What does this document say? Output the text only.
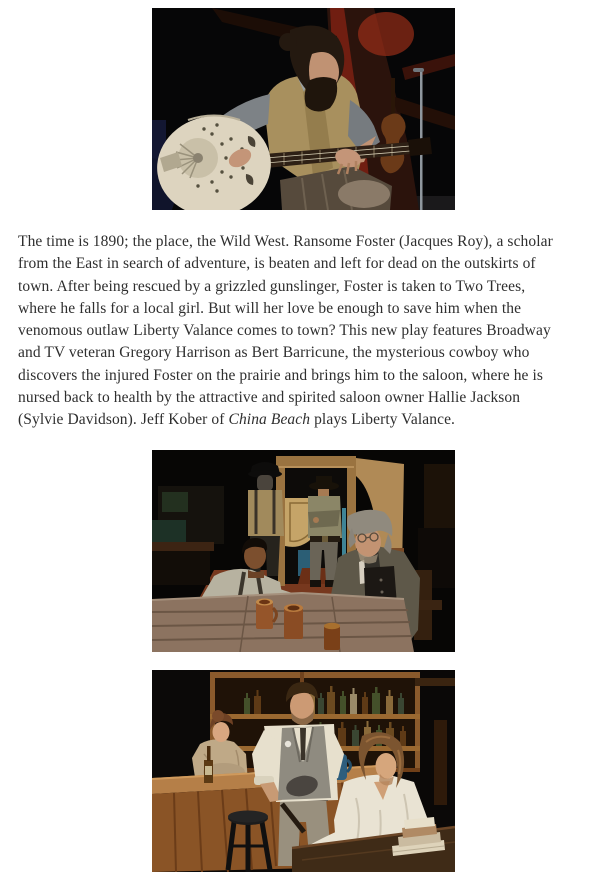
The time is 1890; the place, the Wild West. Ransome Foster (Jacques Roy), a scholar
from the East in search of adventure, is beaten and left for dead on the outskirts of
town. After being rescued by a grizzled gunslinger, Foster is taken to Two Trees,
where he falls for a local girl. But will her love be enough to save him when the
venomous outlaw Liberty Valance comes to town? This new play features Broadway
and TV veteran Gregory Harrison as Bert Barricune, the mysterious cowboy who
discovers the injured Foster on the prairie and brings him to the saloon, where he is
nursed back to health by the attractive and spirited saloon owner Hallie Jackson
(Sylvie Davidson). Jeff Kober of China Beach plays Liberty Valance.
